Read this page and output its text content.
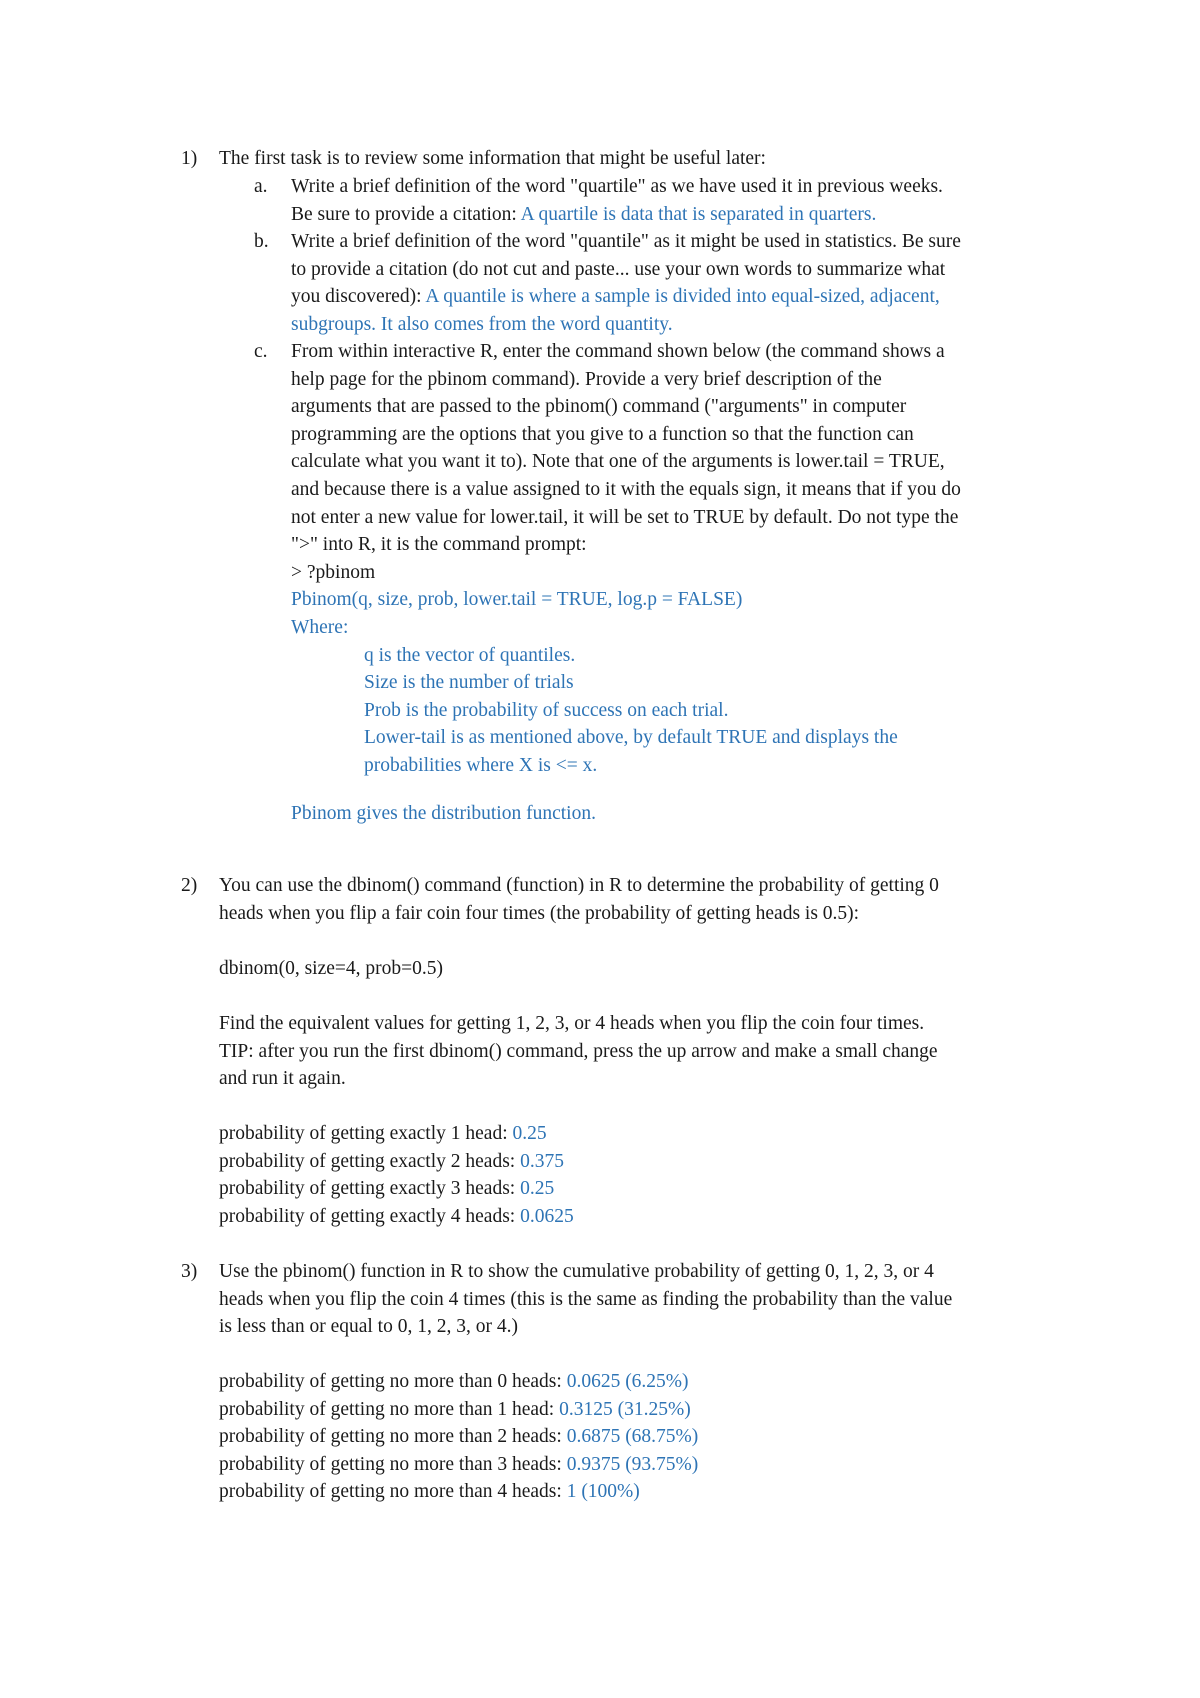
1) The first task is to review some information that might be useful later:
a. Write a brief definition of the word "quartile" as we have used it in previous weeks.
Be sure to provide a citation: A quartile is data that is separated in quarters.
b. Write a brief definition of the word "quantile" as it might be used in statistics. Be sure
to provide a citation (do not cut and paste... use your own words to summarize what
you discovered): A quantile is where a sample is divided into equal-sized, adjacent,
subgroups. It also comes from the word quantity.
c. From within interactive R, enter the command shown below (the command shows a
help page for the pbinom command). Provide a very brief description of the
arguments that are passed to the pbinom() command ("arguments" in computer
programming are the options that you give to a function so that the function can
calculate what you want it to). Note that one of the arguments is lower.tail = TRUE,
and because there is a value assigned to it with the equals sign, it means that if you do
not enter a new value for lower.tail, it will be set to TRUE by default. Do not type the
">" into R, it is the command prompt:
> ?pbinom
Pbinom(q, size, prob, lower.tail = TRUE, log.p = FALSE)
Where:
q is the vector of quantiles.
Size is the number of trials
Prob is the probability of success on each trial.
Lower-tail is as mentioned above, by default TRUE and displays the
probabilities where X is <= x.
Pbinom gives the distribution function.
2) You can use the dbinom() command (function) in R to determine the probability of getting 0
heads when you flip a fair coin four times (the probability of getting heads is 0.5):
dbinom(0, size=4, prob=0.5)
Find the equivalent values for getting 1, 2, 3, or 4 heads when you flip the coin four times.
TIP: after you run the first dbinom() command, press the up arrow and make a small change
and run it again.
probability of getting exactly 1 head: 0.25
probability of getting exactly 2 heads: 0.375
probability of getting exactly 3 heads: 0.25
probability of getting exactly 4 heads: 0.0625
3) Use the pbinom() function in R to show the cumulative probability of getting 0, 1, 2, 3, or 4
heads when you flip the coin 4 times (this is the same as finding the probability than the value
is less than or equal to 0, 1, 2, 3, or 4.)
probability of getting no more than 0 heads: 0.0625 (6.25%)
probability of getting no more than 1 head: 0.3125 (31.25%)
probability of getting no more than 2 heads: 0.6875 (68.75%)
probability of getting no more than 3 heads: 0.9375 (93.75%)
probability of getting no more than 4 heads: 1 (100%)
